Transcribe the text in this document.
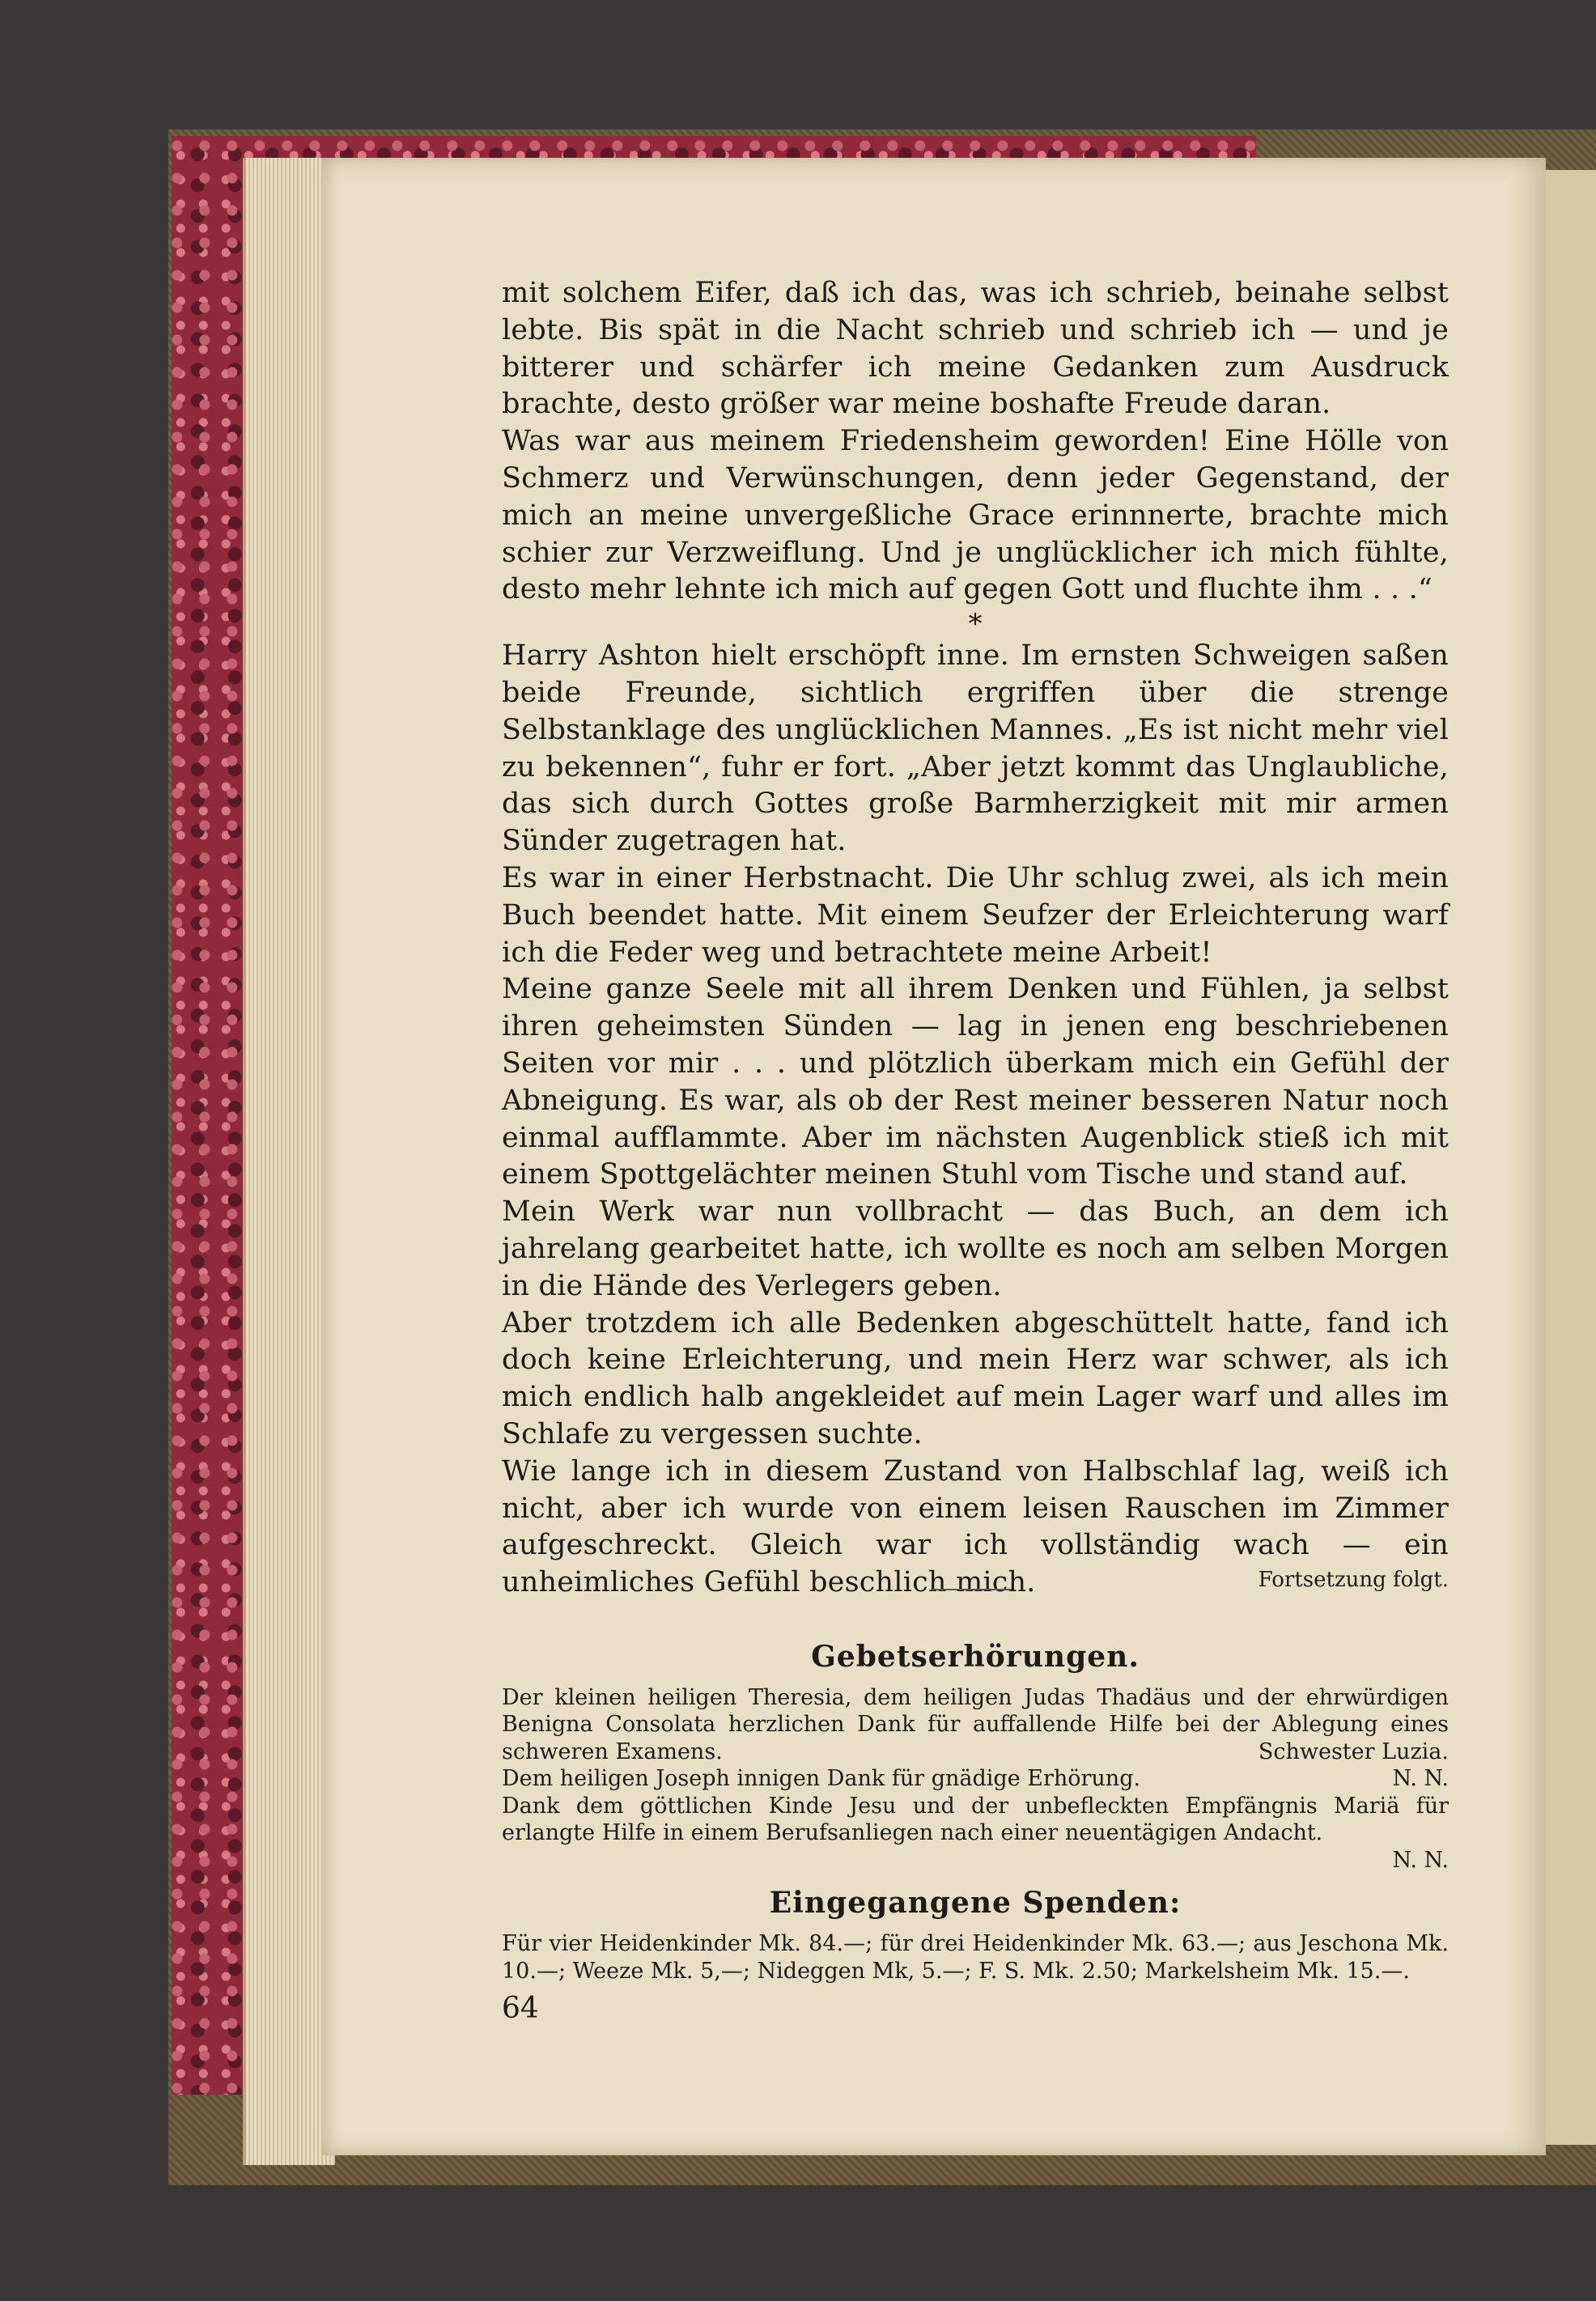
mit solchem Eifer, daß ich das, was ich schrieb, beinahe selbst lebte. Bis spät in die Nacht schrieb und schrieb ich — und je bitterer und schärfer ich meine Gedanken zum Ausdruck brachte, desto größer war meine boshafte Freude daran.

Was war aus meinem Friedensheim geworden! Eine Hölle von Schmerz und Verwünschungen, denn jeder Gegenstand, der mich an meine unvergeßliche Grace erinnnerte, brachte mich schier zur Verzweiflung. Und je unglücklicher ich mich fühlte, desto mehr lehnte ich mich auf gegen Gott und fluchte ihm . . .“

*

Harry Ashton hielt erschöpft inne. Im ernsten Schweigen saßen beide Freunde, sichtlich ergriffen über die strenge Selbstanklage des unglücklichen Mannes. „Es ist nicht mehr viel zu bekennen“, fuhr er fort. „Aber jetzt kommt das Unglaubliche, das sich durch Gottes große Barmherzigkeit mit mir armen Sünder zugetragen hat.

Es war in einer Herbstnacht. Die Uhr schlug zwei, als ich mein Buch beendet hatte. Mit einem Seufzer der Erleichterung warf ich die Feder weg und betrachtete meine Arbeit!

Meine ganze Seele mit all ihrem Denken und Fühlen, ja selbst ihren geheimsten Sünden — lag in jenen eng beschriebenen Seiten vor mir . . . und plötzlich überkam mich ein Gefühl der Abneigung. Es war, als ob der Rest meiner besseren Natur noch einmal aufflammte. Aber im nächsten Augenblick stieß ich mit einem Spottgelächter meinen Stuhl vom Tische und stand auf.

Mein Werk war nun vollbracht — das Buch, an dem ich jahrelang gearbeitet hatte, ich wollte es noch am selben Morgen in die Hände des Verlegers geben.

Aber trotzdem ich alle Bedenken abgeschüttelt hatte, fand ich doch keine Erleichterung, und mein Herz war schwer, als ich mich endlich halb angekleidet auf mein Lager warf und alles im Schlafe zu vergessen suchte.

Wie lange ich in diesem Zustand von Halbschlaf lag, weiß ich nicht, aber ich wurde von einem leisen Rauschen im Zimmer aufgeschreckt. Gleich war ich vollständig wach — ein unheimliches Gefühl beschlich mich.	Fortsetzung folgt.
Gebetserhörungen.

Der kleinen heiligen Theresia, dem heiligen Judas Thadäus und der ehrwürdigen Benigna Consolata herzlichen Dank für auffallende Hilfe bei der Ablegung eines schweren Examens.	Schwester Luzia.

Dem heiligen Joseph innigen Dank für gnädige Erhörung.	N. N.

Dank dem göttlichen Kinde Jesu und der unbefleckten Empfängnis Mariä für erlangte Hilfe in einem Berufsanliegen nach einer neuentägigen Andacht.

N. N.

Eingegangene Spenden:

Für vier Heidenkinder Mk. 84.—; für drei Heidenkinder Mk. 63.—; aus Jeschona Mk. 10.—; Weeze Mk. 5,—; Nideggen Mk, 5.—; F. S. Mk. 2.50; Markelsheim Mk. 15.—.

64
